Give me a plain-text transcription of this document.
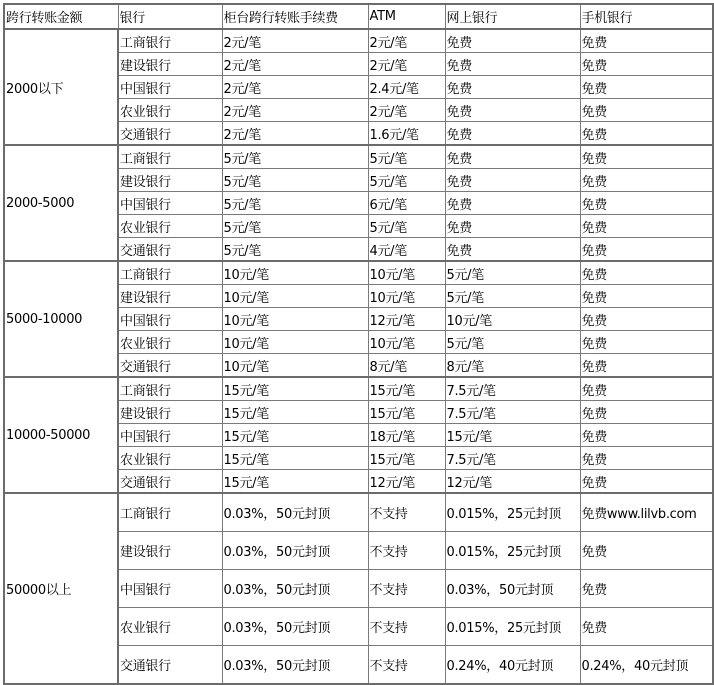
跨行转账金额	银行	柜台跨行转账手续费	ATM	网上银行	手机银行
2000以下	工商银行	2元/笔	2元/笔	免费	免费
	建设银行	2元/笔	2元/笔	免费	免费
	中国银行	2元/笔	2.4元/笔	免费	免费
	农业银行	2元/笔	2元/笔	免费	免费
	交通银行	2元/笔	1.6元/笔	免费	免费
2000-5000	工商银行	5元/笔	5元/笔	免费	免费
	建设银行	5元/笔	5元/笔	免费	免费
	中国银行	5元/笔	6元/笔	免费	免费
	农业银行	5元/笔	5元/笔	免费	免费
	交通银行	5元/笔	4元/笔	免费	免费
5000-10000	工商银行	10元/笔	10元/笔	5元/笔	免费
	建设银行	10元/笔	10元/笔	5元/笔	免费
	中国银行	10元/笔	12元/笔	10元/笔	免费
	农业银行	10元/笔	10元/笔	5元/笔	免费
	交通银行	10元/笔	8元/笔	8元/笔	免费
10000-50000	工商银行	15元/笔	15元/笔	7.5元/笔	免费
	建设银行	15元/笔	15元/笔	7.5元/笔	免费
	中国银行	15元/笔	18元/笔	15元/笔	免费
	农业银行	15元/笔	15元/笔	7.5元/笔	免费
	交通银行	15元/笔	12元/笔	12元/笔	免费
50000以上	工商银行	0.03%，50元封顶	不支持	0.015%，25元封顶	免费www.lilvb.com
	建设银行	0.03%，50元封顶	不支持	0.015%，25元封顶	免费
	中国银行	0.03%，50元封顶	不支持	0.03%，50元封顶	免费
	农业银行	0.03%，50元封顶	不支持	0.015%，25元封顶	免费
	交通银行	0.03%，50元封顶	不支持	0.24%，40元封顶	0.24%，40元封顶
